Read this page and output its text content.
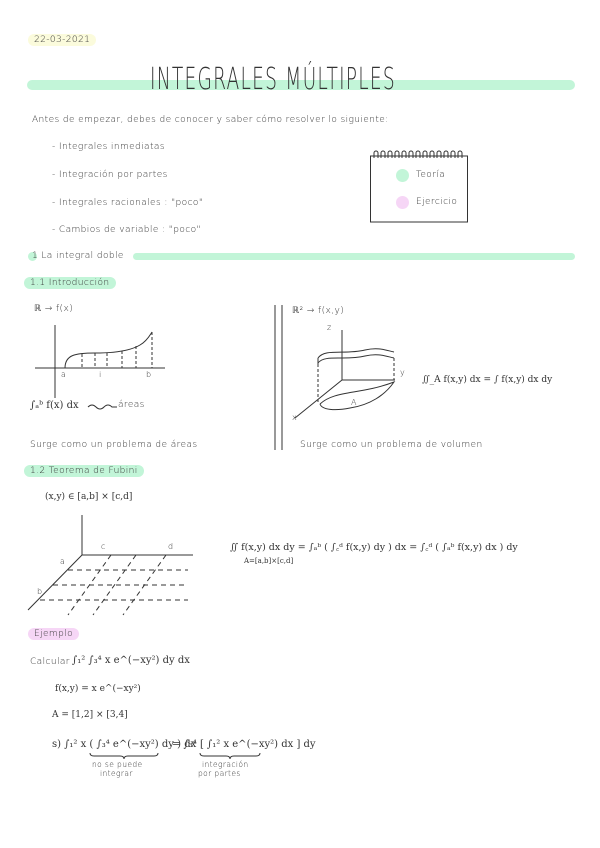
22-03-2021
INTEGRALES MÚLTIPLES
Antes de empezar, debes de conocer y saber cómo resolver lo siguiente:
- Integrales inmediatas
- Integración por partes
- Integrales racionales : "poco"
- Cambios de variable : "poco"
Teoría
Ejercicio
1 La integral doble
1.1 Introducción
ℝ → f(x)
a	i	b
∫ₐᵇ f(x) dx	áreas
Surge como un problema de áreas
ℝ² → f(x,y)
z
y
x
A
∬_A f(x,y) dx = ∫ f(x,y) dx dy
Surge como un problema de volumen
1.2 Teorema de Fubini
(x,y) ∈ [a,b] × [c,d]
c	d
a
b
∬ f(x,y) dx dy = ∫ₐᵇ ( ∫꜀ᵈ f(x,y) dy ) dx = ∫꜀ᵈ ( ∫ₐᵇ f(x,y) dx ) dy
A=[a,b]×[c,d]
Ejemplo
Calcular ∫₁² ∫₃⁴ x e^(−xy²) dy dx
f(x,y) = x e^(−xy²)
A = [1,2] × [3,4]
s) ∫₁² x ( ∫₃⁴ e^(−xy²) dy ) dx
= ∫₃⁴ [ ∫₁² x e^(−xy²) dx ] dy
no se puede
integrar
integración
por partes
